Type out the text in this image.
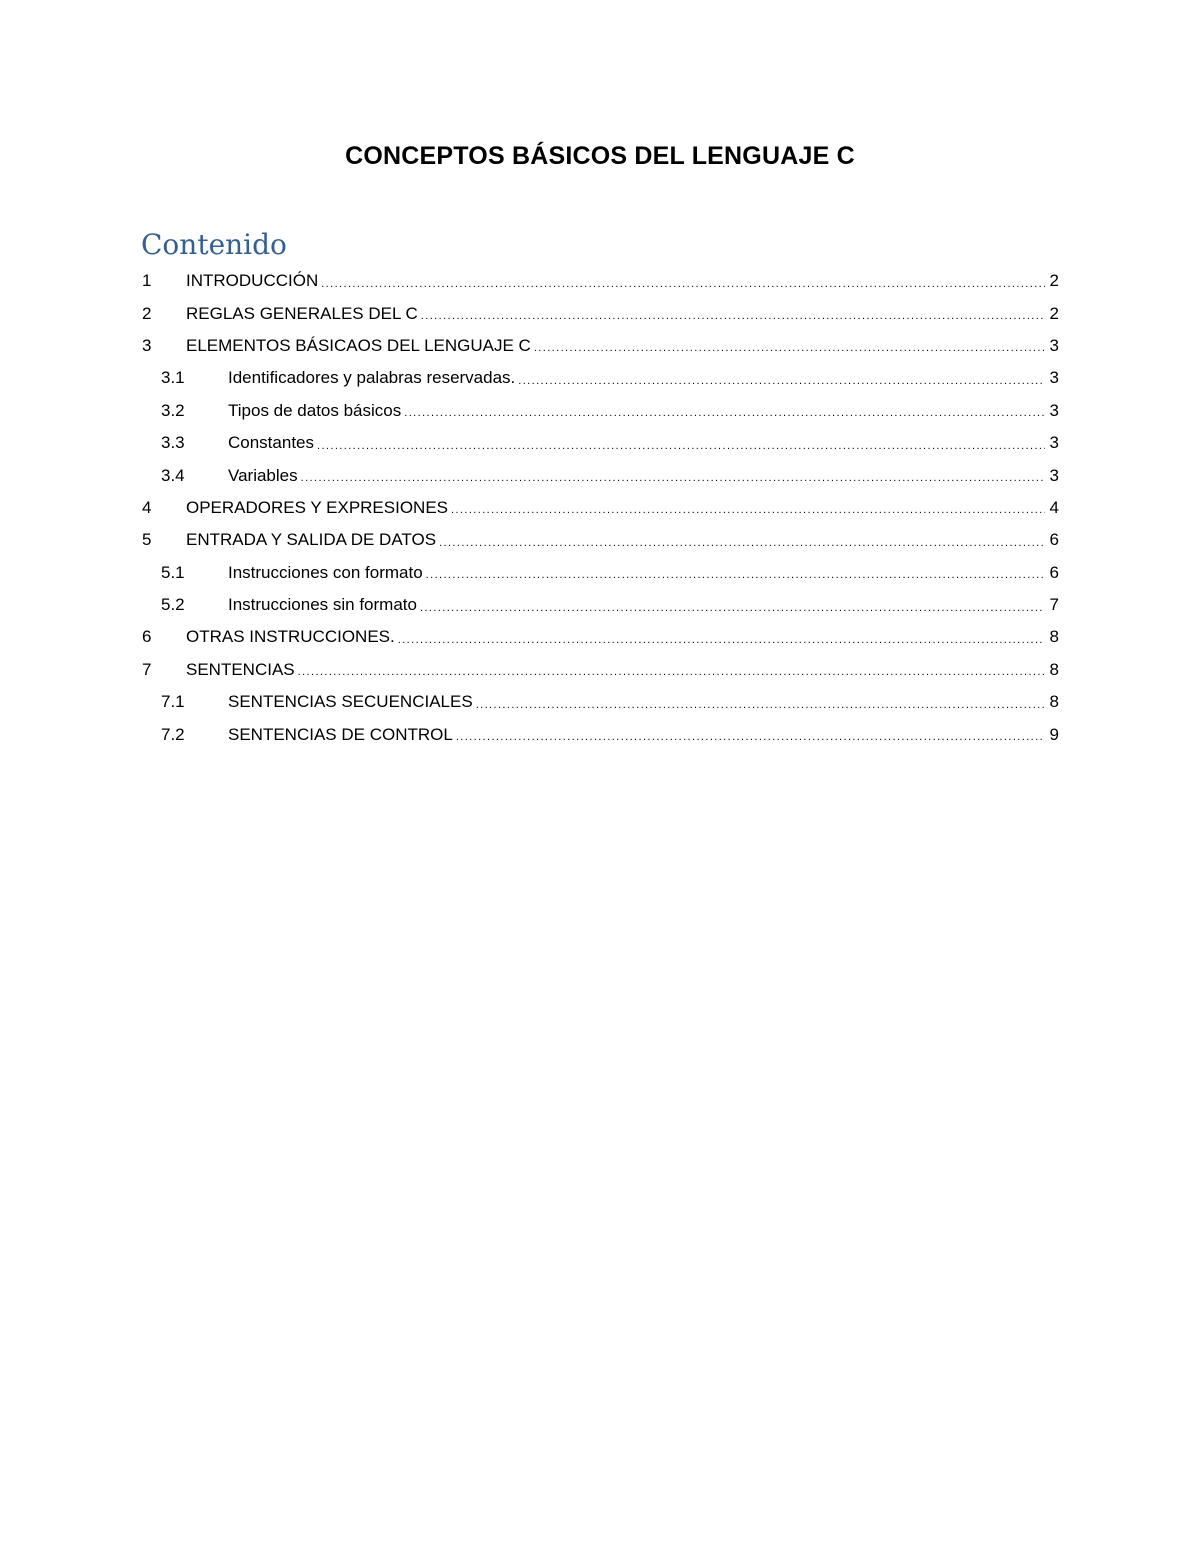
CONCEPTOS BÁSICOS DEL LENGUAJE C
Contenido
1	INTRODUCCIÓN .....	2
2	REGLAS GENERALES DEL C .....	2
3	ELEMENTOS BÁSICAOS DEL LENGUAJE C .....	3
3.1	Identificadores y palabras reservadas. .....	3
3.2	Tipos de datos básicos .....	3
3.3	Constantes .....	3
3.4	Variables .....	3
4	OPERADORES Y EXPRESIONES .....	4
5	ENTRADA Y SALIDA DE DATOS .....	6
5.1	Instrucciones con formato .....	6
5.2	Instrucciones sin formato .....	7
6	OTRAS INSTRUCCIONES. .....	8
7	SENTENCIAS .....	8
7.1	SENTENCIAS SECUENCIALES .....	8
7.2	SENTENCIAS DE CONTROL .....	9
